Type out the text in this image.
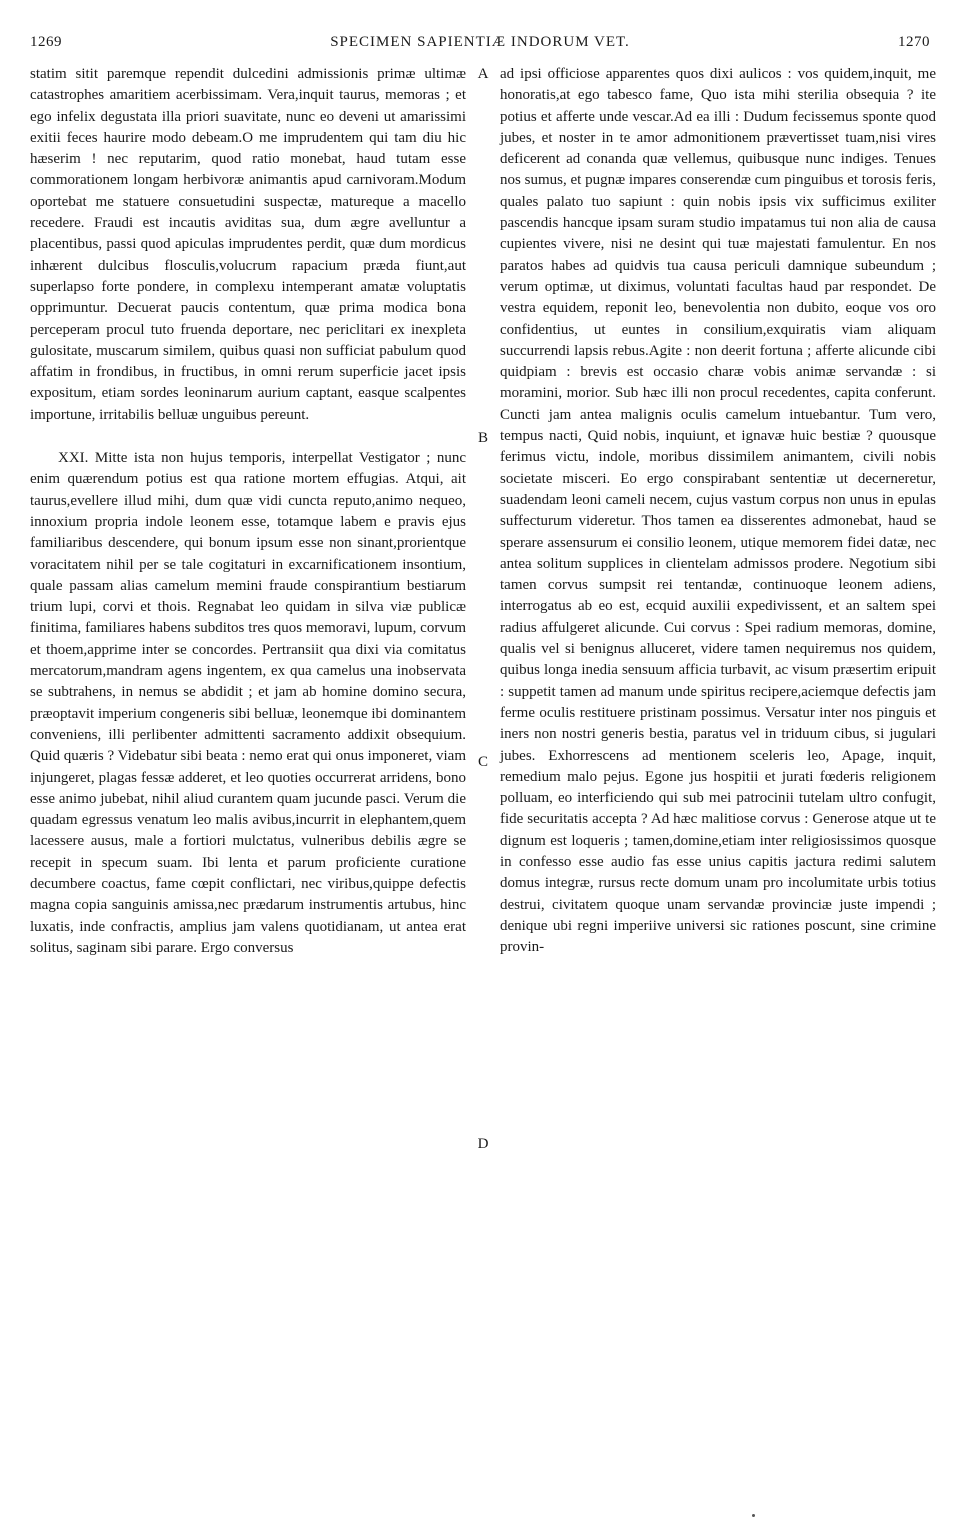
1269	SPECIMEN SAPIENTIÆ INDORUM VET.	1270

statim sitit paremque rependit dulcedini admissionis primæ ultimæ catastrophes amaritiem acerbissimam. Vera,inquit taurus, memoras ; et ego infelix degustata illa priori suavitate, nunc eo deveni ut amarissimi exitii feces haurire modo debeam.O me imprudentem qui tam diu hic hæserim ! nec reputarim, quod ratio monebat, haud tutam esse commorationem longam herbivoræ animantis apud carnivoram.Modum oportebat me statuere consuetudini suspectæ, matureque a macello recedere. Fraudi est incautis aviditas sua, dum ægre avelluntur a placentibus, passi quod apiculas imprudentes perdit, quæ dum mordicus inhærent dulcibus flosculis,volucrum rapacium præda fiunt,aut superlapso forte pondere, in complexu intemperant amatæ voluptatis opprimuntur. Decuerat paucis contentum, quæ prima modica bona perceperam procul tuto fruenda deportare, nec periclitari ex inexpleta gulositate, muscarum similem, quibus quasi non sufficiat pabulum quod affatim in frondibus, in fructibus, in omni rerum superficie jacet ipsis expositum, etiam sordes leoninarum aurium captant, easque scalpentes importune, irritabilis belluæ unguibus pereunt.

XXI. Mitte ista non hujus temporis, interpellat Vestigator ; nunc enim quærendum potius est qua ratione mortem effugias. Atqui, ait taurus,evellere illud mihi, dum quæ vidi cuncta reputo,animo nequeo, innoxium propria indole leonem esse, totamque labem e pravis ejus familiaribus descendere, qui bonum ipsum esse non sinant,prorientque voracitatem nihil per se tale cogitaturi in excarnificationem insontium, quale passam alias camelum memini fraude conspirantium bestiarum trium lupi, corvi et thois. Regnabat leo quidam in silva viæ publicæ finitima, familiares habens subditos tres quos memoravi, lupum, corvum et thoem,apprime inter se concordes. Pertransiit qua dixi via comitatus mercatorum,mandram agens ingentem, ex qua camelus una inobservata se subtrahens, in nemus se abdidit ; et jam ab homine domino secura, præoptavit imperium congeneris sibi belluæ, leonemque ibi dominantem conveniens, illi perlibenter admittenti sacramento addixit obsequium. Quid quæris ? Videbatur sibi beata : nemo erat qui onus imponeret, viam injungeret, plagas fessæ adderet, et leo quoties occurrerat arridens, bono esse animo jubebat, nihil aliud curantem quam jucunde pasci. Verum die quadam egressus venatum leo malis avibus,incurrit in elephantem,quem lacessere ausus, male a fortiori mulctatus, vulneribus debilis ægre se recepit in specum suam. Ibi lenta et parum proficiente curatione decumbere coactus, fame cœpit conflictari, nec viribus,quippe defectis magna copia sanguinis amissa,nec prædarum instrumentis artubus, hinc luxatis, inde confractis, amplius jam valens quotidianam, ut antea erat solitus, saginam sibi parare. Ergo conversus

A
B
C
D

ad ipsi officiose apparentes quos dixi aulicos : vos quidem,inquit, me honoratis,at ego tabesco fame, Quo ista mihi sterilia obsequia ? ite potius et afferte unde vescar.Ad ea illi : Dudum fecissemus sponte quod jubes, et noster in te amor admonitionem prævertisset tuam,nisi vires deficerent ad conanda quæ vellemus, quibusque nunc indiges. Tenues nos sumus, et pugnæ impares conserendæ cum pinguibus et torosis feris, quales palato tuo sapiunt : quin nobis ipsis vix sufficimus exiliter pascendis hancque ipsam suram studio impatamus tui non alia de causa cupientes vivere, nisi ne desint qui tuæ majestati famulentur. En nos paratos habes ad quidvis tua causa periculi damnique subeundum ; verum optimæ, ut diximus, voluntati facultas haud par respondet. De vestra equidem, reponit leo, benevolentia non dubito, eoque vos oro confidentius, ut euntes in consilium,exquiratis viam aliquam succurrendi lapsis rebus.Agite : non deerit fortuna ; afferte alicunde cibi quidpiam : brevis est occasio charæ vobis animæ servandæ : si moramini, morior. Sub hæc illi non procul recedentes, capita conferunt. Cuncti jam antea malignis oculis camelum intuebantur. Tum vero, tempus nacti, Quid nobis, inquiunt, et ignavæ huic bestiæ ? quousque ferimus victu, indole, moribus dissimilem animantem, civili nobis societate misceri. Eo ergo conspirabant sententiæ ut decerneretur, suadendam leoni cameli necem, cujus vastum corpus non unus in epulas suffecturum videretur. Thos tamen ea disserentes admonebat, haud se sperare assensurum ei consilio leonem, utique memorem fidei datæ, nec antea solitum supplices in clientelam admissos prodere. Negotium sibi tamen corvus sumpsit rei tentandæ, continuoque leonem adiens, interrogatus ab eo est, ecquid auxilii expedivissent, et an saltem spei radius affulgeret alicunde. Cui corvus : Spei radium memoras, domine, qualis vel si benignus alluceret, videre tamen nequiremus nos quidem, quibus longa inedia sensuum afficia turbavit, ac visum præsertim eripuit : suppetit tamen ad manum unde spiritus recipere,aciemque defectis jam ferme oculis restituere pristinam possimus. Versatur inter nos pinguis et iners non nostri generis bestia, paratus vel in triduum cibus, si jugulari jubes. Exhorrescens ad mentionem sceleris leo, Apage, inquit, remedium malo pejus. Egone jus hospitii et jurati fœderis religionem polluam, eo interficiendo qui sub mei patrocinii tutelam ultro confugit, fide securitatis accepta ? Ad hæc malitiose corvus : Generose atque ut te dignum est loqueris ; tamen,domine,etiam inter religiosissimos quosque in confesso esse audio fas esse unius capitis jactura redimi salutem domus integræ, rursus recte domum unam pro incolumitate urbis totius destrui, civitatem quoque unam servandæ provinciæ juste impendi ; denique ubi regni imperiive universi sic rationes poscunt, sine crimine provin-
